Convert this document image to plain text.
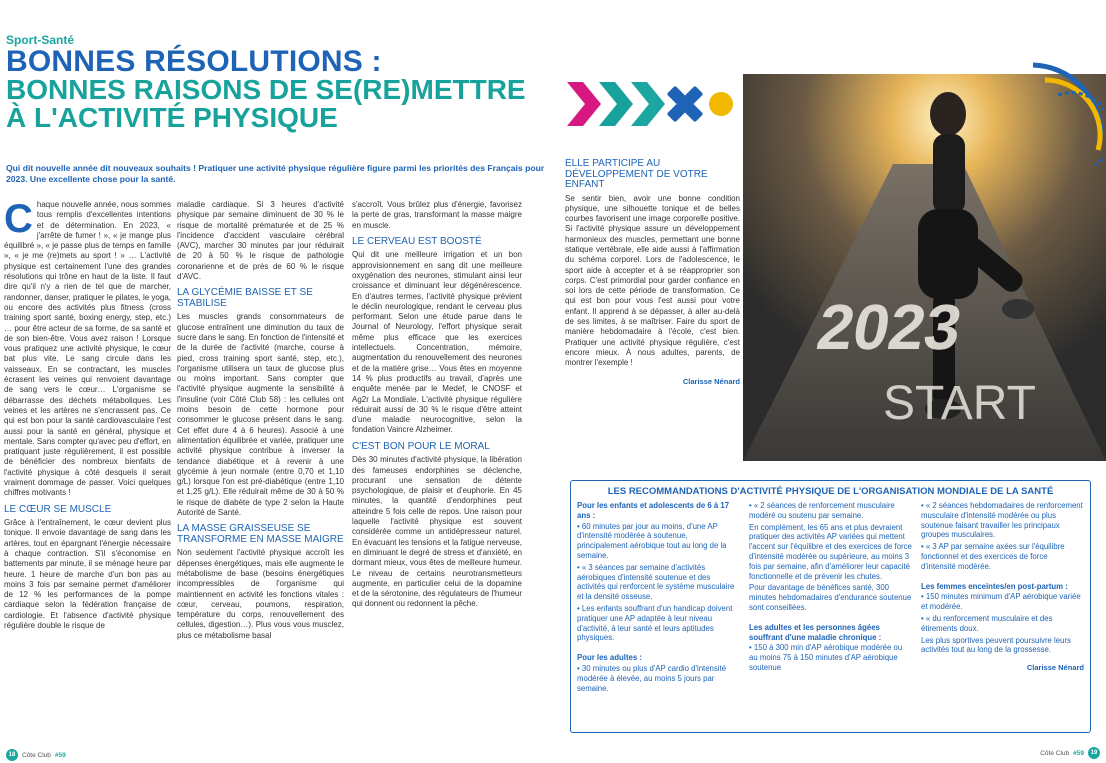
Sport-Santé
BONNES RÉSOLUTIONS :
BONNES RAISONS DE SE(RE)METTRE
À L'ACTIVITÉ PHYSIQUE
Qui dit nouvelle année dit nouveaux souhaits ! Pratiquer une activité physique régulière figure parmi les priorités des Français pour 2023. Une excellente chose pour la santé.

Chaque nouvelle année, nous sommes tous remplis d'excellentes intentions et de détermination. En 2023, « j'arrête de fumer ! », « je mange plus équilibré », « je passe plus de temps en famille », « je me (re)mets au sport ! » … L'activité physique est certainement l'une des grandes résolutions qui trône en haut de la liste. Il faut dire qu'il n'y a rien de tel que de marcher, randonner, danser, pratiquer le pilates, le yoga, ou encore des activités plus fitness (cross training sport santé, boxing energy, step, etc.) … pour être acteur de sa forme, de sa santé et de son bien-être. Vous avez raison ! Lorsque vous pratiquez une activité physique, le cœur bat plus vite. Le sang circule dans les vaisseaux. En se contractant, les muscles écrasent les veines qui renvoient davantage de sang vers le cœur… L'organisme se débarrasse des déchets métaboliques. Les veines et les artères ne s'encrassent pas. Ce qui est bon pour la santé cardiovasculaire l'est aussi pour la santé en général, physique et mentale. Sans compter qu'avec peu d'effort, en pratiquant juste régulièrement, il est possible de bénéficier des nombreux bienfaits de l'activité physique à côté desquels il serait vraiment dommage de passer. Voici quelques chiffres motivants !

LE CŒUR SE MUSCLE

Grâce à l'entraînement, le cœur devient plus tonique. Il envoie davantage de sang dans les artères, tout en épargnant l'énergie nécessaire à chaque contraction. S'il s'économise en battements par minute, il se ménage heure par heure. 1 heure de marche d'un bon pas au moins 3 fois par semaine permet d'améliorer de 12 % les performances de la pompe cardiaque selon la fédération française de cardiologie. Et l'absence d'activité physique régulière double le risque de

maladie cardiaque. Si 3 heures d'activité physique par semaine diminuent de 30 % le risque de mortalité prématurée et de 25 % l'incidence d'accident vasculaire cérébral (AVC), marcher 30 minutes par jour réduirait de 20 à 50 % le risque de pathologie coronarienne et de près de 60 % le risque d'AVC.

LA GLYCÉMIE BAISSE ET SE STABILISE

Les muscles grands consommateurs de glucose entraînent une diminution du taux de sucre dans le sang. En fonction de l'intensité et de la durée de l'activité (marche, course à pied, cross training sport santé, step, etc.), l'organisme utilisera un taux de glucose plus ou moins important. Sans compter que l'activité physique augmente la sensibilité à l'insuline (voir Côté Club 58) : les cellules ont moins besoin de cette hormone pour consommer le glucose présent dans le sang. Cet effet dure 4 à 6 heures). Associé à une alimentation équilibrée et variée, pratiquer une activité physique contribue à inverser la tendance diabétique et à revenir à une glycémie à jeun normale (entre 0,70 et 1,10 g/L) lorsque l'on est pré-diabétique (entre 1,10 et 1,25 g/L). Elle réduirait même de 30 à 50 % le risque de diabète de type 2 selon la Haute Autorité de Santé.

LA MASSE GRAISSEUSE SE TRANSFORME EN MASSE MAIGRE

Non seulement l'activité physique accroît les dépenses énergétiques, mais elle augmente le métabolisme de base (besoins énergétiques incompressibles de l'organisme qui maintiennent en activité les fonctions vitales : cœur, cerveau, poumons, respiration, température du corps, renouvellement des cellules, digestion…). Plus vous vous musclez, plus ce métabolisme basal

s'accroît. Vous brûlez plus d'énergie, favorisez la perte de gras, transformant la masse maigre en muscle.

LE CERVEAU EST BOOSTÉ

Qui dit une meilleure irrigation et un bon approvisionnement en sang dit une meilleure oxygénation des neurones, stimulant ainsi leur croissance et diminuant leur dégénérescence. En d'autres termes, l'activité physique prévient le déclin neurologique, rendant le cerveau plus performant. Selon une étude parue dans le Journal of Neurology, l'effort physique serait même plus efficace que les exercices intellectuels. Concentration, mémoire, augmentation du renouvellement des neurones et de la matière grise… Vous êtes en moyenne 14 % plus productifs au travail, d'après une enquête menée par le Medef, le CNOSF et Ag2r La Mondiale. L'activité physique régulière réduirait aussi de 30 % le risque d'être atteint d'une maladie neurocognitive, selon la fondation Vaincre Alzheimer.

C'EST BON POUR LE MORAL

Dès 30 minutes d'activité physique, la libération des fameuses endorphines se déclenche, procurant une sensation de détente psychologique, de plaisir et d'euphorie. En 45 minutes, la quantité d'endorphines peut atteindre 5 fois celle de repos. Une raison pour laquelle l'activité physique est souvent considérée comme un antidépresseur naturel. En évacuant les tensions et la fatigue nerveuse, en diminuant le degré de stress et d'anxiété, en dormant mieux, vous êtes de meilleure humeur. Le niveau de certains neurotransmetteurs augmente, en particulier celui de la dopamine et de la sérotonine, des régulateurs de l'humeur qui donnent ou redonnent la pêche.

18	Côte Club #59
ELLE PARTICIPE AU DÉVELOPPEMENT DE VOTRE ENFANT

Se sentir bien, avoir une bonne condition physique, une silhouette tonique et de belles courbes favorisent une image corporelle positive. Si l'activité physique assure un développement harmonieux des muscles, permettant une bonne statique vertébrale, elle aide aussi à l'affirmation du schéma corporel. Lors de l'adolescence, le sport aide à accepter et à se réapproprier son corps. C'est primordial pour garder confiance en soi lors de cette période de transformation. Ce qui est bon pour vous l'est aussi pour votre enfant. Il apprend à se dépasser, à aller au-delà de ses limites, à se maîtriser. Faire du sport de manière hebdomadaire à l'école, c'est bien. Pratiquer une activité physique régulière, c'est encore mieux. À nous adultes, parents, de montrer l'exemple !

Clarisse Nénard
2023
START
LES RECOMMANDATIONS D'ACTIVITÉ PHYSIQUE DE L'ORGANISATION MONDIALE DE LA SANTÉ
Pour les enfants et adolescents de 6 à 17 ans :
• 60 minutes par jour au moins, d'une AP d'intensité modérée à soutenue, principalement aérobique tout au long de la semaine.
• « 3 séances par semaine d'activités aérobiques d'intensité soutenue et des activités qui renforcent le système musculaire et la densité osseuse.
• Les enfants souffrant d'un handicap doivent pratiquer une AP adaptée à leur niveau d'activité, à leur santé et leurs aptitudes physiques.
Pour les adultes :
• 30 minutes ou plus d'AP cardio d'intensité modérée à élevée, au moins 5 jours par semaine.
• « 2 séances de renforcement musculaire modéré ou soutenu par semaine.
En complément, les 65 ans et plus devraient pratiquer des activités AP variées qui mettent l'accent sur l'équilibre et des exercices de force d'intensité modérée ou supérieure, au moins 3 fois par semaine, afin d'améliorer leur capacité fonctionnelle et de prévenir les chutes.
Pour davantage de bénéfices santé, 300 minutes hebdomadaires d'endurance soutenue sont conseillées.
Les adultes et les personnes âgées souffrant d'une maladie chronique :
• 150 à 300 min d'AP aérobique modérée ou au moins 75 à 150 minutes d'AP aérobique soutenue
• « 2 séances hebdomadaires de renforcement musculaire d'intensité modérée ou plus soutenue faisant travailler les principaux groupes musculaires.
• « 3 AP par semaine axées sur l'équilibre fonctionnel et des exercices de force d'intensité modérée.
Les femmes enceintes/en post-partum :
• 150 minutes minimum d'AP aérobique variée et modérée.
• « du renforcement musculaire et des étirements doux.
Les plus sportives peuvent poursuivre leurs activités tout au long de la grossesse.
Clarisse Nénard
Côte Club #59	19
